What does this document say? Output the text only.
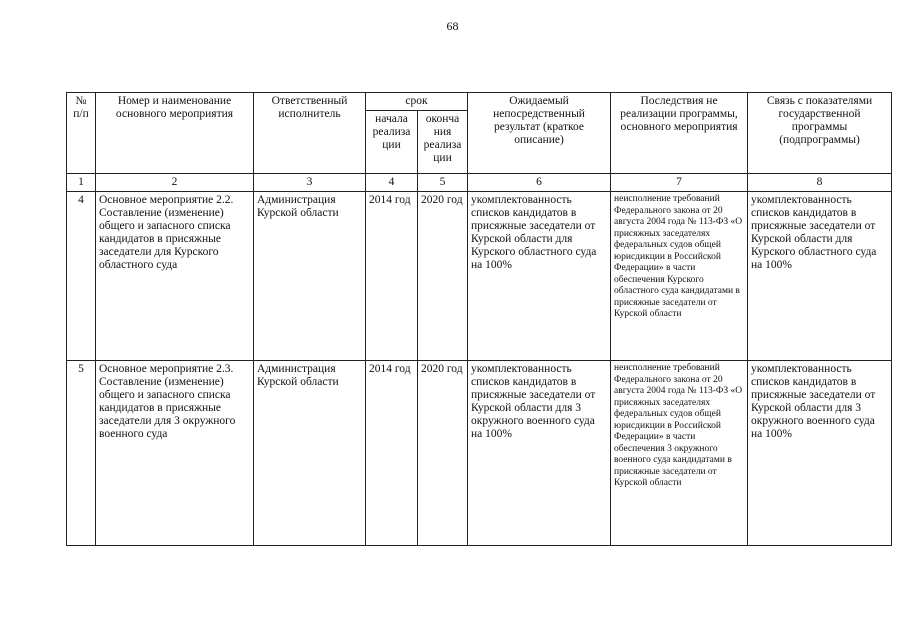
68
№ п/п	Номер и наименование основного мероприятия	Ответственный исполнитель	срок		Ожидаемый непосредственный результат (краткое описание)	Последствия не реализации программы, основного мероприятия	Связь с показателями государственной программы (подпрограммы)
			начала реализа ции	оконча ния реализа ции			
1	2	3	4	5	6	7	8
4	Основное мероприятие 2.2. Составление (изменение) общего и запасного списка кандидатов в присяжные заседатели для Курского областного суда	Администрация Курской области	2014 год	2020 год	укомплектованность списков кандидатов в присяжные заседатели от Курской области для Курского областного суда на 100%	неисполнение требований Федерального закона от 20 августа 2004 года № 113-ФЗ «О присяжных заседателях федеральных судов общей юрисдикции в Российской Федерации» в части обеспечения Курского областного суда кандидатами в присяжные заседатели от Курской области	укомплектованность списков кандидатов в присяжные заседатели от Курской области для Курского областного суда на 100%
5	Основное мероприятие 2.3. Составление (изменение) общего и запасного списка кандидатов в присяжные заседатели для 3 окружного военного суда	Администрация Курской области	2014 год	2020 год	укомплектованность списков кандидатов в присяжные заседатели от Курской области для 3 окружного военного суда на 100%	неисполнение требований Федерального закона от 20 августа 2004 года № 113-ФЗ «О присяжных заседателях федеральных судов общей юрисдикции в Российской Федерации» в части обеспечения 3 окружного военного суда кандидатами в присяжные заседатели от Курской области	укомплектованность списков кандидатов в присяжные заседатели от Курской области для 3 окружного военного суда на 100%
